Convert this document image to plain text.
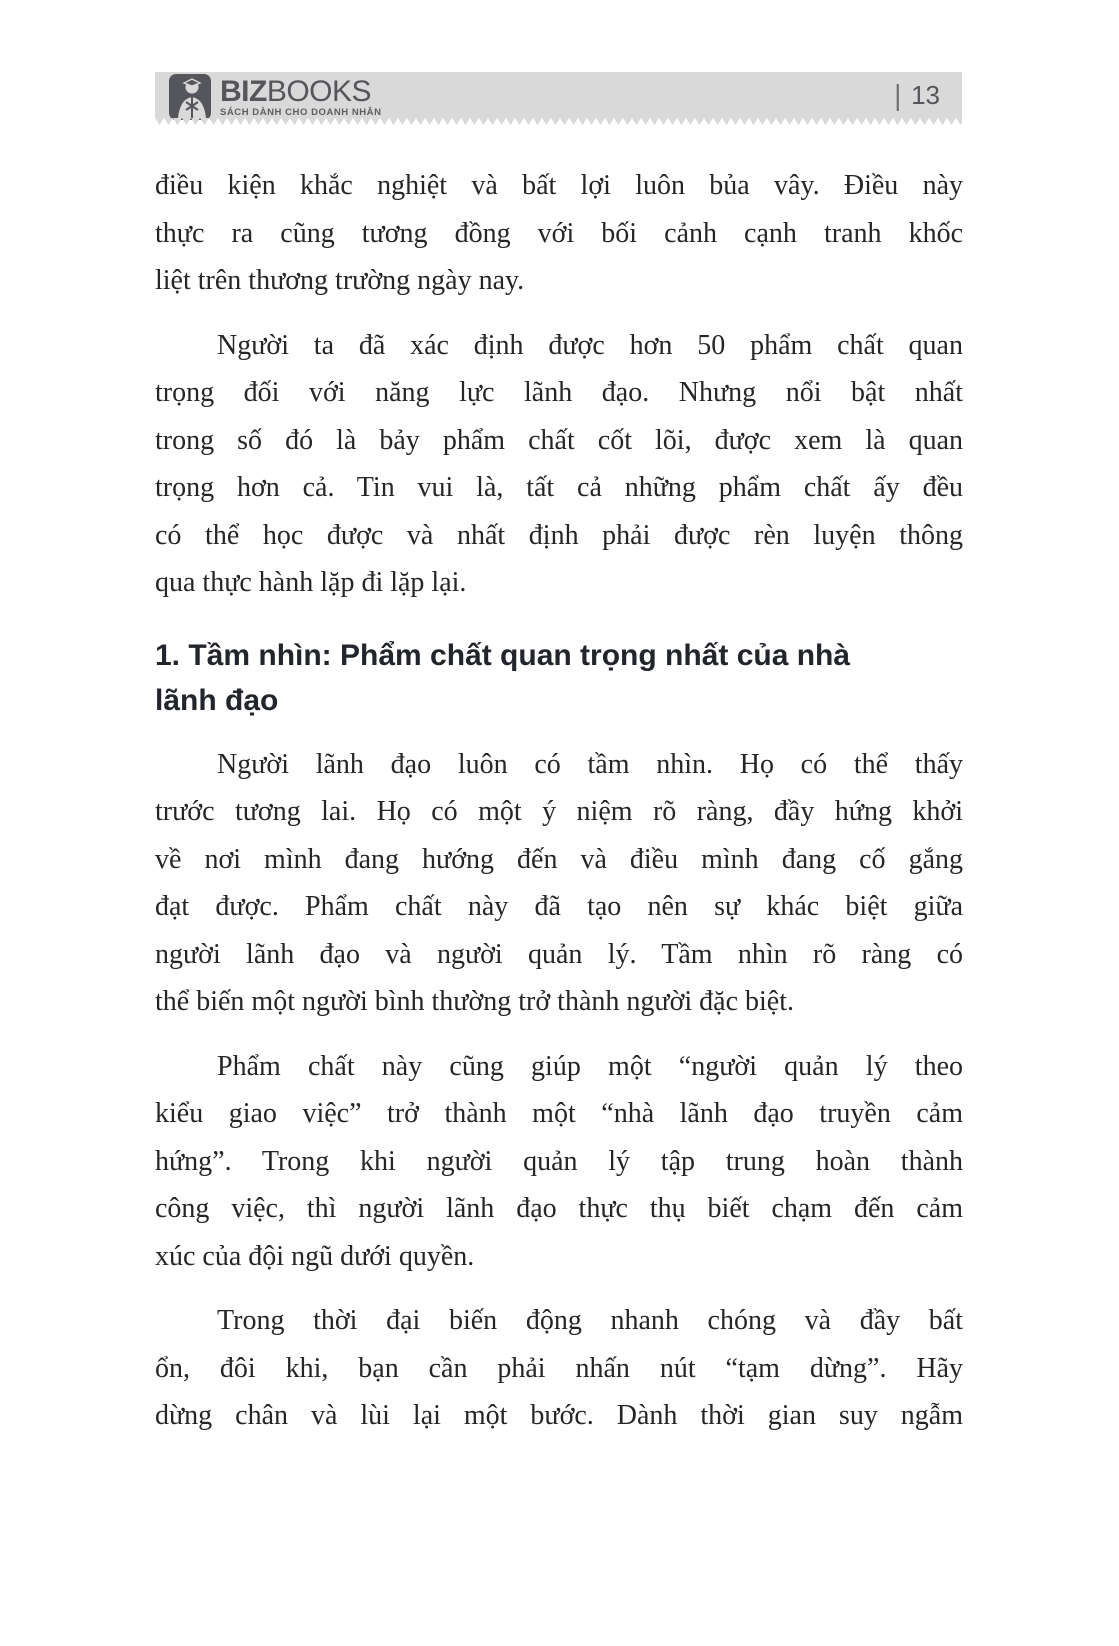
BIZBOOKS
SÁCH DÀNH CHO DOANH NHÂN
| 13
điều kiện khắc nghiệt và bất lợi luôn bủa vây. Điều này
thực ra cũng tương đồng với bối cảnh cạnh tranh khốc
liệt trên thương trường ngày nay.
Người ta đã xác định được hơn 50 phẩm chất quan
trọng đối với năng lực lãnh đạo. Nhưng nổi bật nhất
trong số đó là bảy phẩm chất cốt lõi, được xem là quan
trọng hơn cả. Tin vui là, tất cả những phẩm chất ấy đều
có thể học được và nhất định phải được rèn luyện thông
qua thực hành lặp đi lặp lại.
1. Tầm nhìn: Phẩm chất quan trọng nhất của nhà
lãnh đạo
Người lãnh đạo luôn có tầm nhìn. Họ có thể thấy
trước tương lai. Họ có một ý niệm rõ ràng, đầy hứng khởi
về nơi mình đang hướng đến và điều mình đang cố gắng
đạt được. Phẩm chất này đã tạo nên sự khác biệt giữa
người lãnh đạo và người quản lý. Tầm nhìn rõ ràng có
thể biến một người bình thường trở thành người đặc biệt.
Phẩm chất này cũng giúp một “người quản lý theo
kiểu giao việc” trở thành một “nhà lãnh đạo truyền cảm
hứng”. Trong khi người quản lý tập trung hoàn thành
công việc, thì người lãnh đạo thực thụ biết chạm đến cảm
xúc của đội ngũ dưới quyền.
Trong thời đại biến động nhanh chóng và đầy bất
ổn, đôi khi, bạn cần phải nhấn nút “tạm dừng”. Hãy
dừng chân và lùi lại một bước. Dành thời gian suy ngẫm
